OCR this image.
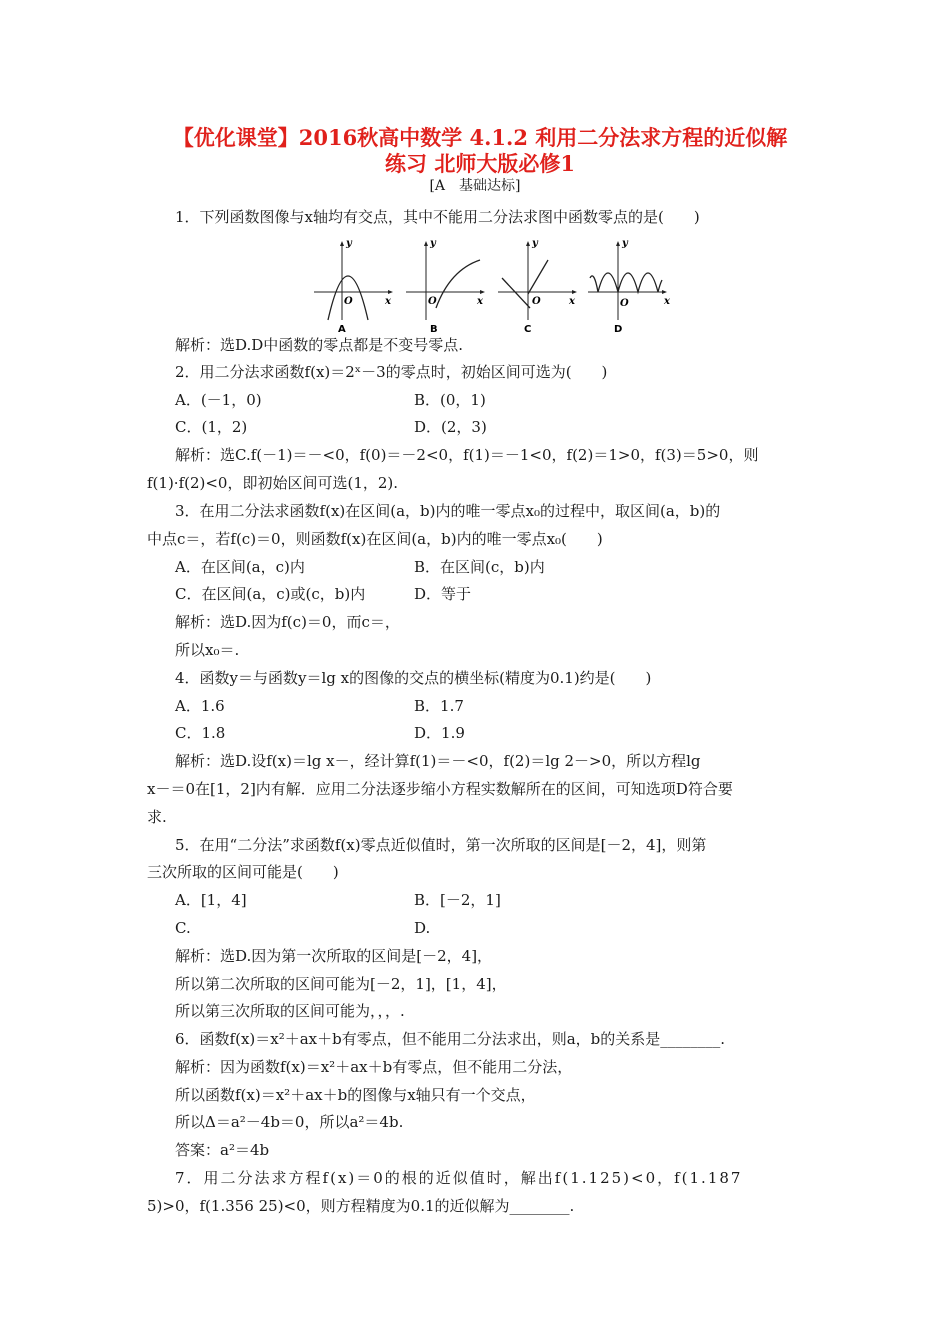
【优化课堂】2016秋高中数学 4.1.2 利用二分法求方程的近似解
练习 北师大版必修1
[A　基础达标]
1．下列函数图像与x轴均有交点，其中不能用二分法求图中函数零点的是(　　)
y
x
O
A
y
x
O
B
y
x
O
C
y
x
O
D
解析：选D.D中函数的零点都是不变号零点.
2．用二分法求函数f(x)＝2ˣ－3的零点时，初始区间可选为(　　)
A．(－1，0)	B．(0，1)
C．(1，2)	D．(2，3)
解析：选C.f(－1)＝－<0，f(0)＝－2<0，f(1)＝－1<0，f(2)＝1>0，f(3)＝5>0，则
f(1)·f(2)<0，即初始区间可选(1，2).
3．在用二分法求函数f(x)在区间(a，b)内的唯一零点x₀的过程中，取区间(a，b)的
中点c＝，若f(c)＝0，则函数f(x)在区间(a，b)内的唯一零点x₀(　　)
A．在区间(a，c)内	B．在区间(c，b)内
C．在区间(a，c)或(c，b)内	D．等于
解析：选D.因为f(c)＝0，而c＝，
所以x₀＝.
4．函数y＝与函数y＝lg x的图像的交点的横坐标(精度为0.1)约是(　　)
A．1.6	B．1.7
C．1.8	D．1.9
解析：选D.设f(x)＝lg x－，经计算f(1)＝－<0，f(2)＝lg 2－>0，所以方程lg
x－＝0在[1，2]内有解．应用二分法逐步缩小方程实数解所在的区间，可知选项D符合要
求.
5．在用“二分法”求函数f(x)零点近似值时，第一次所取的区间是[－2，4]，则第
三次所取的区间可能是(　　)
A．[1，4]	B．[－2，1]
C.	D.
解析：选D.因为第一次所取的区间是[－2，4]，
所以第二次所取的区间可能为[－2，1]，[1，4]，
所以第三次所取的区间可能为，，，.
6．函数f(x)＝x²＋ax＋b有零点，但不能用二分法求出，则a，b的关系是________.
解析：因为函数f(x)＝x²＋ax＋b有零点，但不能用二分法，
所以函数f(x)＝x²＋ax＋b的图像与x轴只有一个交点，
所以Δ＝a²－4b＝0，所以a²＝4b.
答案：a²＝4b
7．用二分法求方程f(x)＝0的根的近似值时，解出f(1.125)<0，f(1.187
5)>0，f(1.356 25)<0，则方程精度为0.1的近似解为________.
